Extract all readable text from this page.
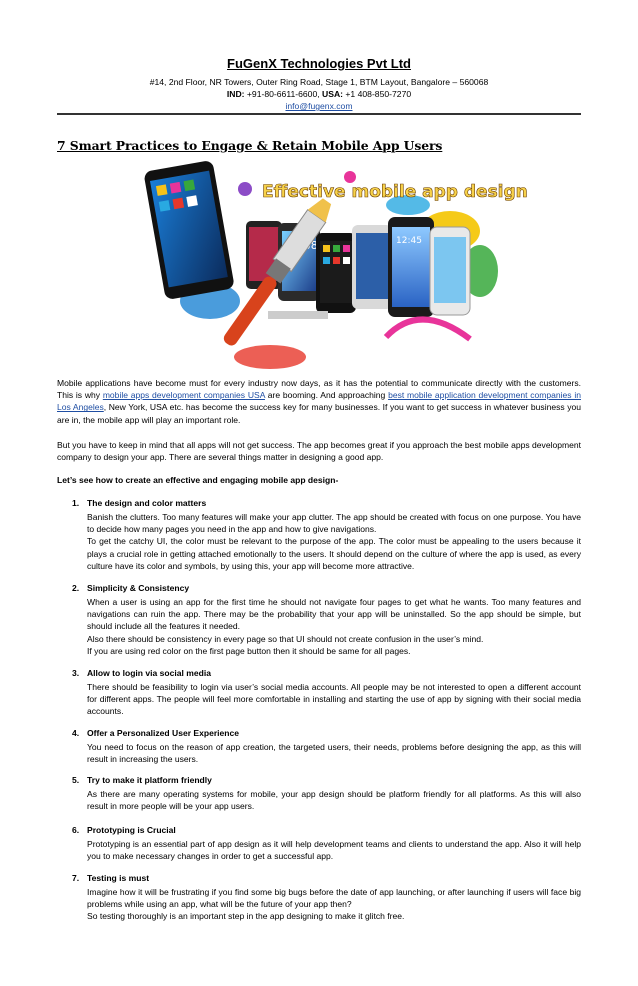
FuGenX Technologies Pvt Ltd
#14, 2nd Floor, NR Towers, Outer Ring Road, Stage 1, BTM Layout, Bangalore – 560068
IND: +91-80-6611-6600, USA: +1 408-850-7270
info@fugenx.com
7 Smart Practices to Engage & Retain Mobile App Users
Effective mobile app design
12:45
Mobile applications have become must for every industry now days, as it has the potential to communicate directly with the customers. This is why mobile apps development companies USA are booming. And approaching best mobile application development companies in Los Angeles, New York, USA etc. has become the success key for many businesses. If you want to get success in whatever business you are in, the mobile app will play an important role.
But you have to keep in mind that all apps will not get success. The app becomes great if you approach the best mobile apps development company to design your app. There are several things matter in designing a good app.
Let’s see how to create an effective and engaging mobile app design-
1. The design and color matters

Banish the clutters. Too many features will make your app clutter. The app should be created with focus on one purpose. You have to decide how many pages you need in the app and how to give navigations.

To get the catchy UI, the color must be relevant to the purpose of the app. The color must be appealing to the users because it plays a crucial role in getting attached emotionally to the users. It should depend on the culture of where the app is used, as every culture have its color and symbols, by using this, your app will become more attractive.

2. Simplicity & Consistency

When a user is using an app for the first time he should not navigate four pages to get what he wants. Too many features and navigations can ruin the app. There may be the probability that your app will be uninstalled. So the app should be simple, but should include all the features it needed.

Also there should be consistency in every page so that UI should not create confusion in the user’s mind.

If you are using red color on the first page button then it should be same for all pages.

3. Allow to login via social media

There should be feasibility to login via user’s social media accounts. All people may be not interested to open a different account for different apps. The people will feel more comfortable in installing and starting the use of app by signing with their social media accounts.

4. Offer a Personalized User Experience

You need to focus on the reason of app creation, the targeted users, their needs, problems before designing the app, as this will result in increasing the users.

5. Try to make it platform friendly

As there are many operating systems for mobile, your app design should be platform friendly for all platforms. As this will also result in more people will be your app users.

6. Prototyping is Crucial

Prototyping is an essential part of app design as it will help development teams and clients to understand the app. Also it will help you to make necessary changes in order to get a successful app.

7. Testing is must

Imagine how it will be frustrating if you find some big bugs before the date of app launching, or after launching if users will face big problems while using an app, what will be the future of your app then?

So testing thoroughly is an important step in the app designing to make it glitch free.
